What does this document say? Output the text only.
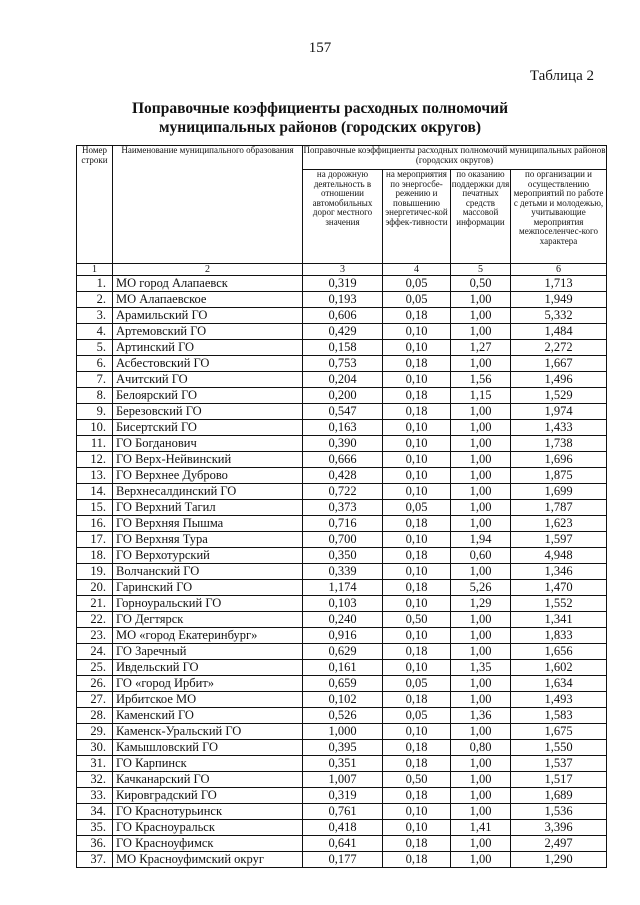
157
Таблица 2
Поправочные коэффициенты расходных полномочий
муниципальных районов (городских округов)
Номер строки	Наименование муниципального образования	Поправочные коэффициенты расходных полномочий муниципальных районов (городских округов)			
		на дорожную деятельность в отношении автомобильных дорог местного значения	на мероприятия по энергосбе-режению и повышению энергетичес-кой эффек-тивности	по оказанию поддержки для печатных средств массовой информации	по организации и осуществлению мероприятий по работе с детьми и молодежью, учитывающие мероприятия межпоселенчес-кого характера
1	2	3	4	5	6
1.	МО город Алапаевск	0,319	0,05	0,50	1,713
2.	МО Алапаевское	0,193	0,05	1,00	1,949
3.	Арамильский ГО	0,606	0,18	1,00	5,332
4.	Артемовский ГО	0,429	0,10	1,00	1,484
5.	Артинский ГО	0,158	0,10	1,27	2,272
6.	Асбестовский ГО	0,753	0,18	1,00	1,667
7.	Ачитский ГО	0,204	0,10	1,56	1,496
8.	Белоярский ГО	0,200	0,18	1,15	1,529
9.	Березовский ГО	0,547	0,18	1,00	1,974
10.	Бисертский ГО	0,163	0,10	1,00	1,433
11.	ГО Богданович	0,390	0,10	1,00	1,738
12.	ГО Верх-Нейвинский	0,666	0,10	1,00	1,696
13.	ГО Верхнее Дуброво	0,428	0,10	1,00	1,875
14.	Верхнесалдинский ГО	0,722	0,10	1,00	1,699
15.	ГО Верхний Тагил	0,373	0,05	1,00	1,787
16.	ГО Верхняя Пышма	0,716	0,18	1,00	1,623
17.	ГО Верхняя Тура	0,700	0,10	1,94	1,597
18.	ГО Верхотурский	0,350	0,18	0,60	4,948
19.	Волчанский ГО	0,339	0,10	1,00	1,346
20.	Гаринский ГО	1,174	0,18	5,26	1,470
21.	Горноуральский ГО	0,103	0,10	1,29	1,552
22.	ГО Дегтярск	0,240	0,50	1,00	1,341
23.	МО «город Екатеринбург»	0,916	0,10	1,00	1,833
24.	ГО Заречный	0,629	0,18	1,00	1,656
25.	Ивдельский ГО	0,161	0,10	1,35	1,602
26.	ГО «город Ирбит»	0,659	0,05	1,00	1,634
27.	Ирбитское МО	0,102	0,18	1,00	1,493
28.	Каменский ГО	0,526	0,05	1,36	1,583
29.	Каменск-Уральский ГО	1,000	0,10	1,00	1,675
30.	Камышловский ГО	0,395	0,18	0,80	1,550
31.	ГО Карпинск	0,351	0,18	1,00	1,537
32.	Качканарский ГО	1,007	0,50	1,00	1,517
33.	Кировградский ГО	0,319	0,18	1,00	1,689
34.	ГО Краснотурьинск	0,761	0,10	1,00	1,536
35.	ГО Красноуральск	0,418	0,10	1,41	3,396
36.	ГО Красноуфимск	0,641	0,18	1,00	2,497
37.	МО Красноуфимский округ	0,177	0,18	1,00	1,290
